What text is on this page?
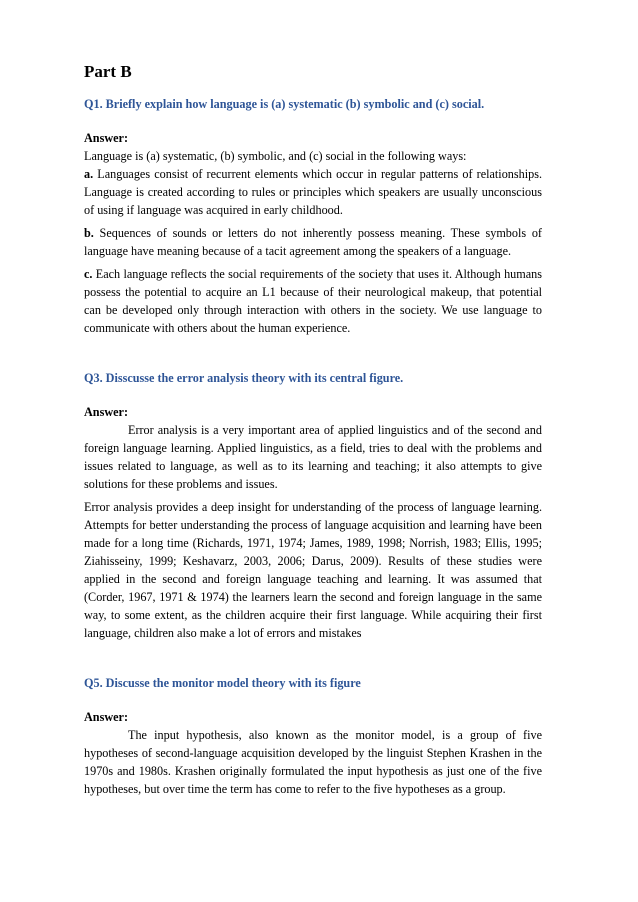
Part B

Q1. Briefly explain how language is (a) systematic (b) symbolic and (c) social.

Answer:

Language is (a) systematic, (b) symbolic, and (c) social in the following ways:

a. Languages consist of recurrent elements which occur in regular patterns of relationships. Language is created according to rules or principles which speakers are usually unconscious of using if language was acquired in early childhood.

b. Sequences of sounds or letters do not inherently possess meaning. These symbols of language have meaning because of a tacit agreement among the speakers of a language.

c. Each language reflects the social requirements of the society that uses it. Although humans possess the potential to acquire an L1 because of their neurological makeup, that potential can be developed only through interaction with others in the society. We use language to communicate with others about the human experience.

Q3. Disscusse the error analysis theory with its central figure.

Answer:

Error analysis is a very important area of applied linguistics and of the second and foreign language learning. Applied linguistics, as a field, tries to deal with the problems and issues related to language, as well as to its learning and teaching; it also attempts to give solutions for these problems and issues.

Error analysis provides a deep insight for understanding of the process of language learning. Attempts for better understanding the process of language acquisition and learning have been made for a long time (Richards, 1971, 1974; James, 1989, 1998; Norrish, 1983; Ellis, 1995; Ziahisseiny, 1999; Keshavarz, 2003, 2006; Darus, 2009). Results of these studies were applied in the second and foreign language teaching and learning. It was assumed that (Corder, 1967, 1971 & 1974) the learners learn the second and foreign language in the same way, to some extent, as the children acquire their first language. While acquiring their first language, children also make a lot of errors and mistakes

Q5. Discusse the monitor model theory with its figure

Answer:

The input hypothesis, also known as the monitor model, is a group of five hypotheses of second-language acquisition developed by the linguist Stephen Krashen in the 1970s and 1980s. Krashen originally formulated the input hypothesis as just one of the five hypotheses, but over time the term has come to refer to the five hypotheses as a group.
